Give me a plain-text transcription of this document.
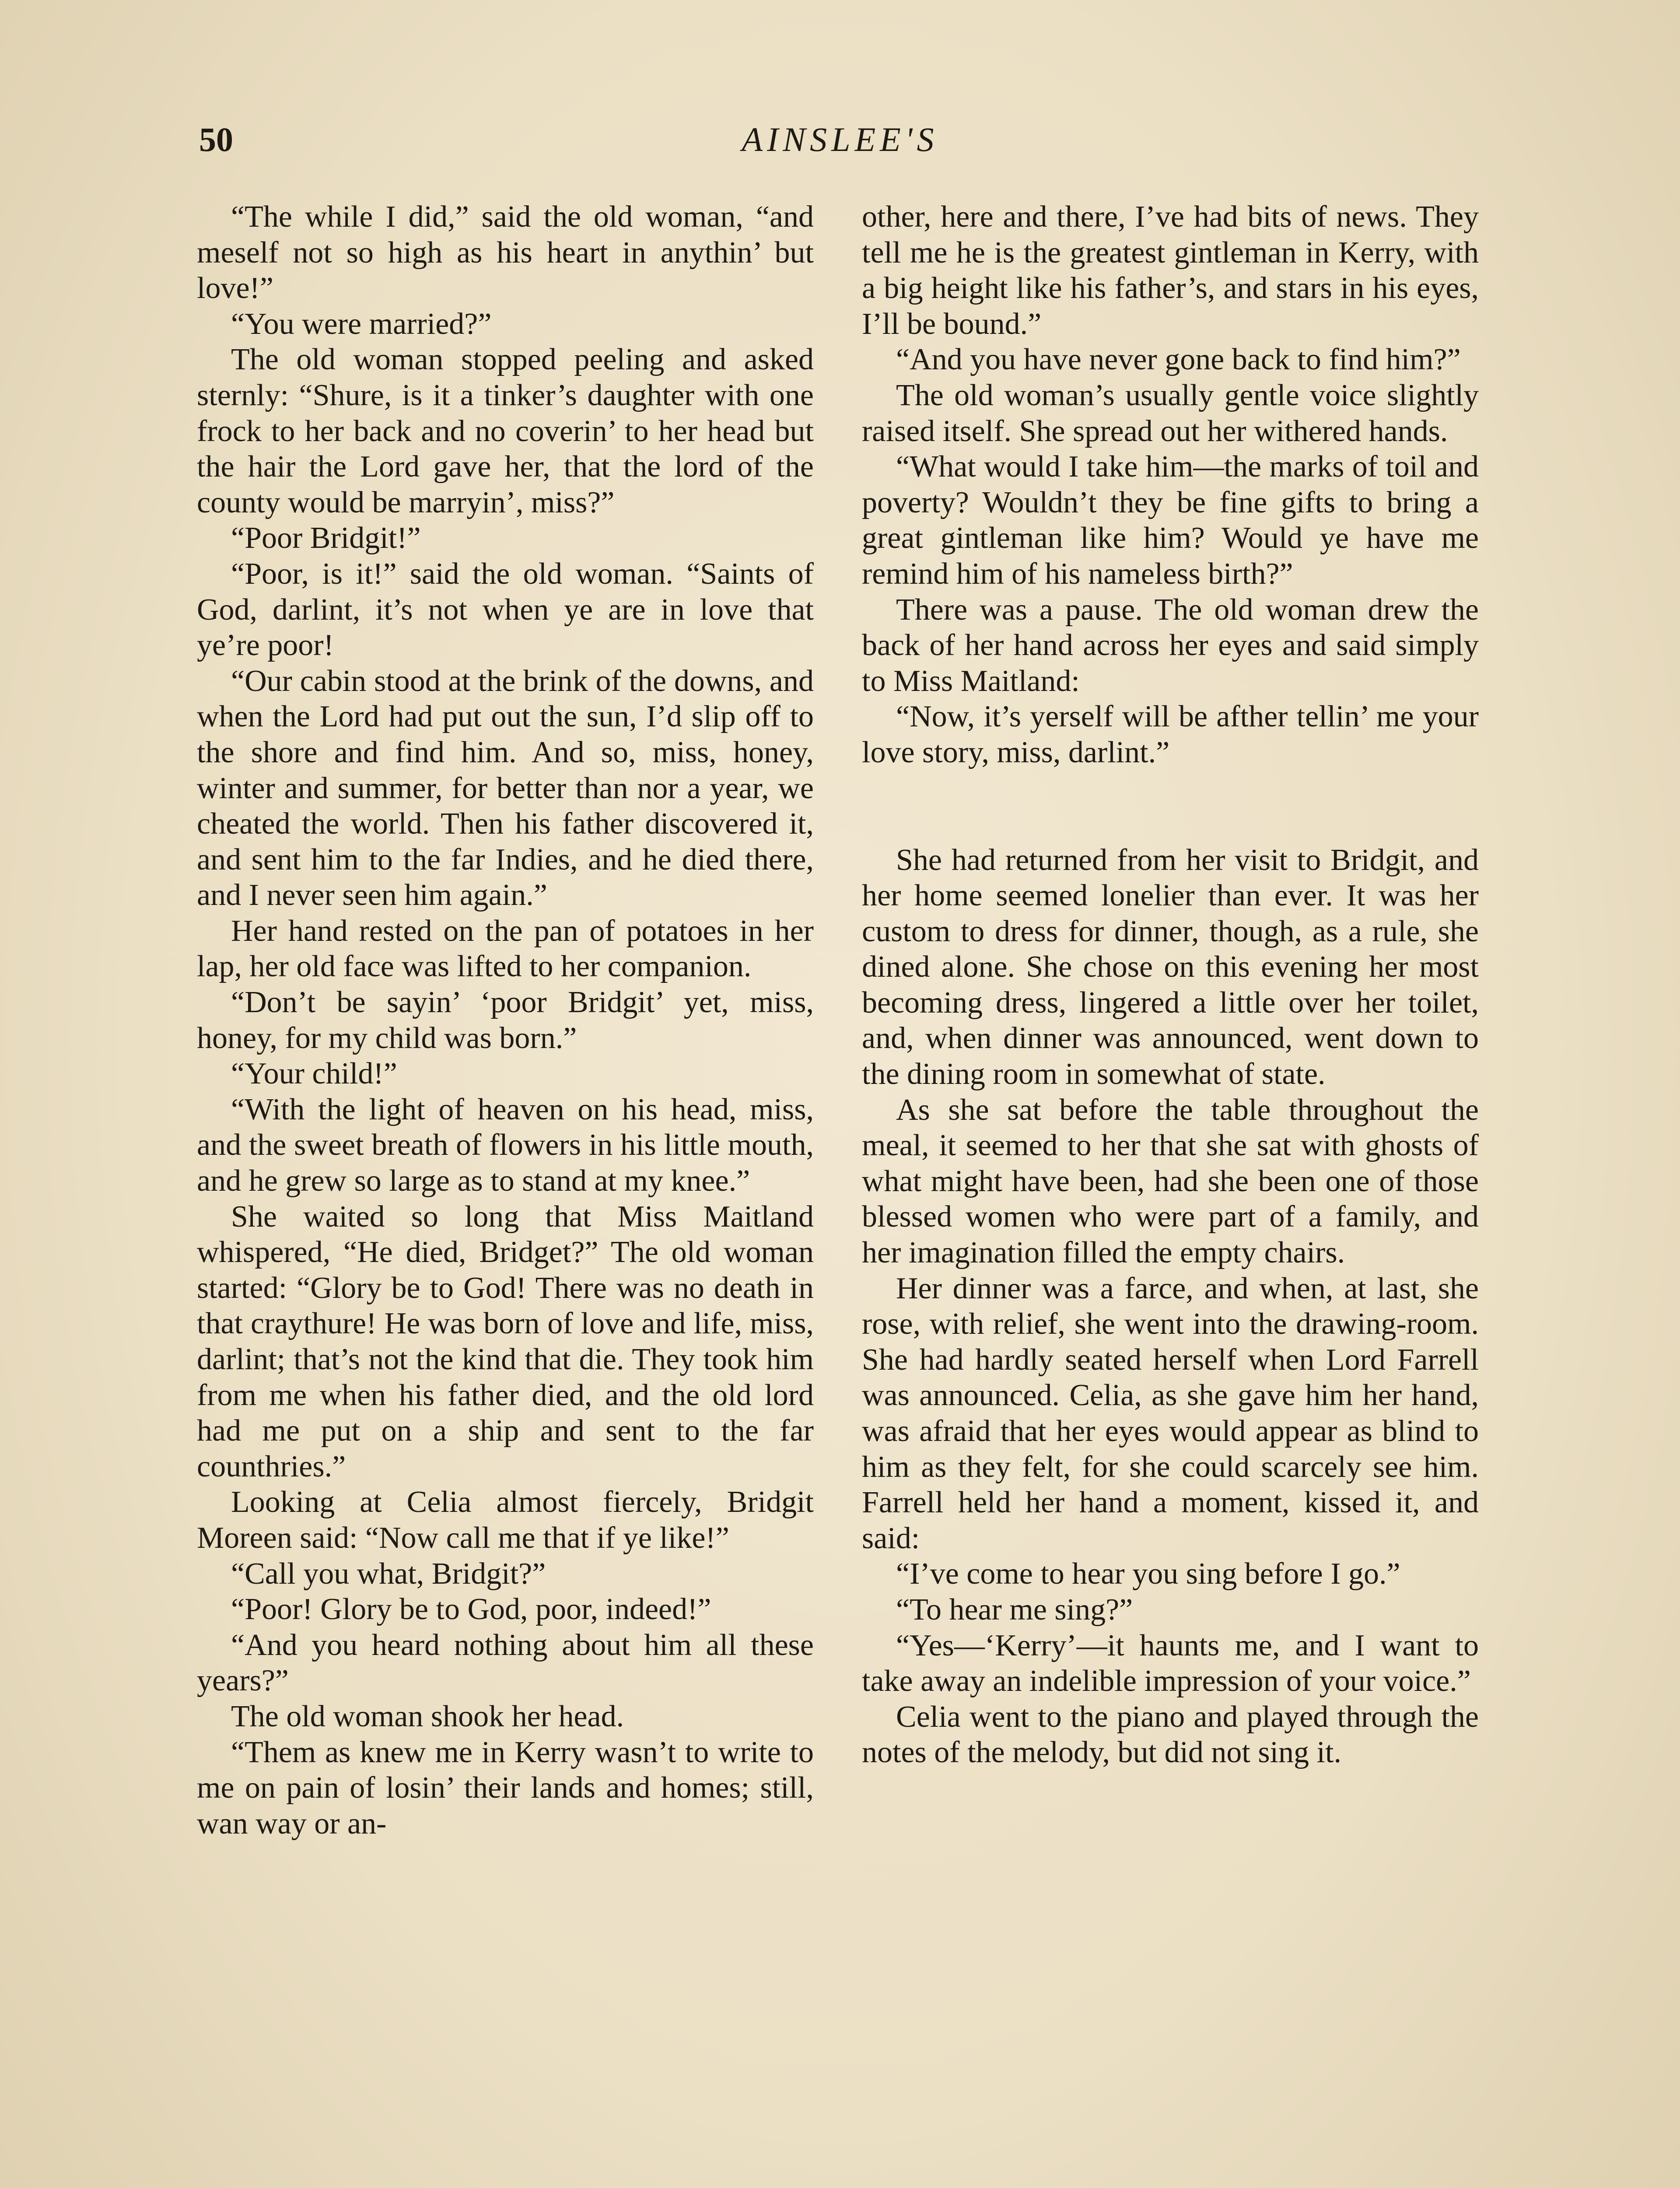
50	AINSLEE'S

“The while I did,” said the old woman, “and meself not so high as his heart in anythin’ but love!”

“You were married?”

The old woman stopped peeling and asked sternly: “Shure, is it a tinker’s daughter with one frock to her back and no coverin’ to her head but the hair the Lord gave her, that the lord of the county would be marryin’, miss?”

“Poor Bridgit!”

“Poor, is it!” said the old woman. “Saints of God, darlint, it’s not when ye are in love that ye’re poor!

“Our cabin stood at the brink of the downs, and when the Lord had put out the sun, I’d slip off to the shore and find him. And so, miss, honey, winter and summer, for better than nor a year, we cheated the world. Then his father discovered it, and sent him to the far Indies, and he died there, and I never seen him again.”

Her hand rested on the pan of potatoes in her lap, her old face was lifted to her companion.

“Don’t be sayin’ ‘poor Bridgit’ yet, miss, honey, for my child was born.”

“Your child!”

“With the light of heaven on his head, miss, and the sweet breath of flowers in his little mouth, and he grew so large as to stand at my knee.”

She waited so long that Miss Maitland whispered, “He died, Bridget?” The old woman started: “Glory be to God! There was no death in that craythure! He was born of love and life, miss, darlint; that’s not the kind that die. They took him from me when his father died, and the old lord had me put on a ship and sent to the far counthries.”

Looking at Celia almost fiercely, Bridgit Moreen said: “Now call me that if ye like!”

“Call you what, Bridgit?”

“Poor! Glory be to God, poor, indeed!”

“And you heard nothing about him all these years?”

The old woman shook her head.

“Them as knew me in Kerry wasn’t to write to me on pain of losin’ their lands and homes; still, wan way or an-

other, here and there, I’ve had bits of news. They tell me he is the greatest gintleman in Kerry, with a big height like his father’s, and stars in his eyes, I’ll be bound.”

“And you have never gone back to find him?”

The old woman’s usually gentle voice slightly raised itself. She spread out her withered hands.

“What would I take him—the marks of toil and poverty? Wouldn’t they be fine gifts to bring a great gintleman like him? Would ye have me remind him of his nameless birth?”

There was a pause. The old woman drew the back of her hand across her eyes and said simply to Miss Maitland:

“Now, it’s yerself will be afther tellin’ me your love story, miss, darlint.”

She had returned from her visit to Bridgit, and her home seemed lonelier than ever. It was her custom to dress for dinner, though, as a rule, she dined alone. She chose on this evening her most becoming dress, lingered a little over her toilet, and, when dinner was announced, went down to the dining room in somewhat of state.

As she sat before the table throughout the meal, it seemed to her that she sat with ghosts of what might have been, had she been one of those blessed women who were part of a family, and her imagination filled the empty chairs.

Her dinner was a farce, and when, at last, she rose, with relief, she went into the drawing-room. She had hardly seated herself when Lord Farrell was announced. Celia, as she gave him her hand, was afraid that her eyes would appear as blind to him as they felt, for she could scarcely see him. Farrell held her hand a moment, kissed it, and said:

“I’ve come to hear you sing before I go.”

“To hear me sing?”

“Yes—‘Kerry’—it haunts me, and I want to take away an indelible impression of your voice.”

Celia went to the piano and played through the notes of the melody, but did not sing it.
